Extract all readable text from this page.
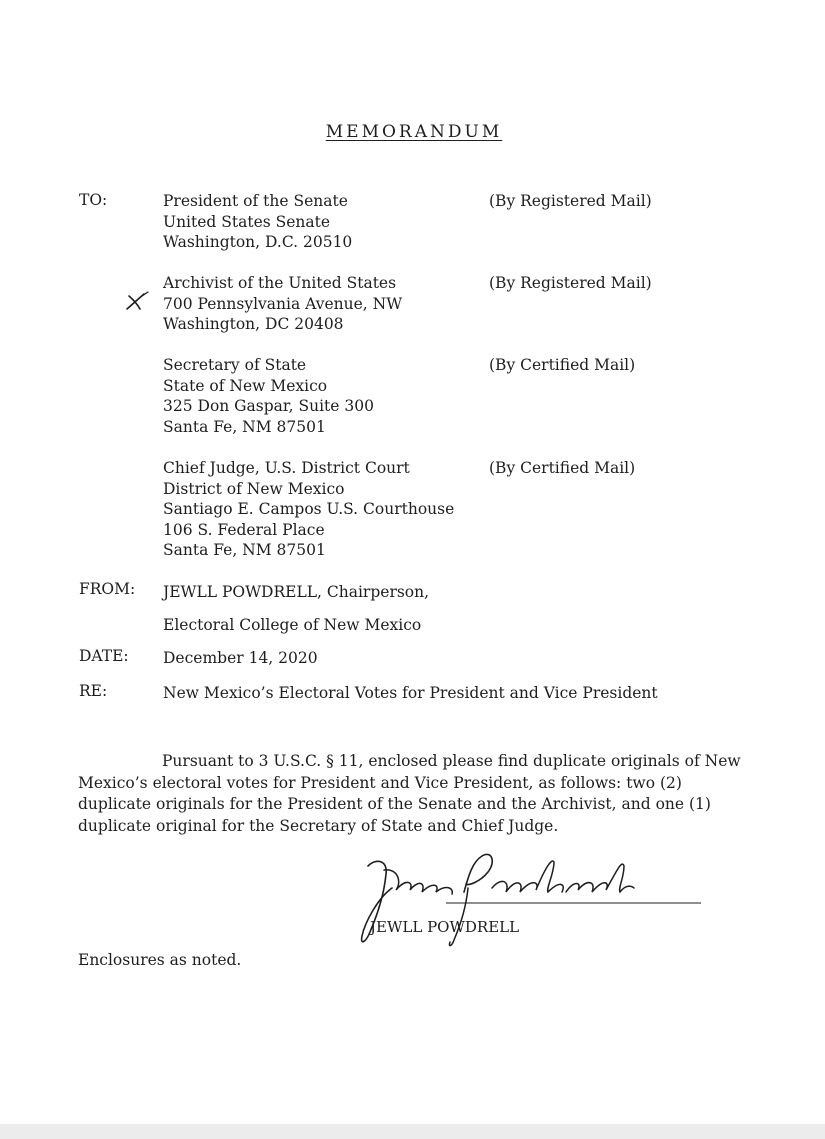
MEMORANDUM
TO:	President of the Senate
United States Senate
Washington, D.C. 20510
(By Registered Mail)
Archivist of the United States
700 Pennsylvania Avenue, NW
Washington, DC 20408
(By Registered Mail)
Secretary of State
State of New Mexico
325 Don Gaspar, Suite 300
Santa Fe, NM 87501
(By Certified Mail)
Chief Judge, U.S. District Court
District of New Mexico
Santiago E. Campos U.S. Courthouse
106 S. Federal Place
Santa Fe, NM 87501
(By Certified Mail)
FROM: JEWLL POWDRELL, Chairperson,
Electoral College of New Mexico
DATE: December 14, 2020
RE:	New Mexico’s Electoral Votes for President and Vice President
Pursuant to 3 U.S.C. § 11, enclosed please find duplicate originals of New
Mexico’s electoral votes for President and Vice President, as follows: two (2)
duplicate originals for the President of the Senate and the Archivist, and one (1)
duplicate original for the Secretary of State and Chief Judge.
JEWLL POWDRELL
Enclosures as noted.
